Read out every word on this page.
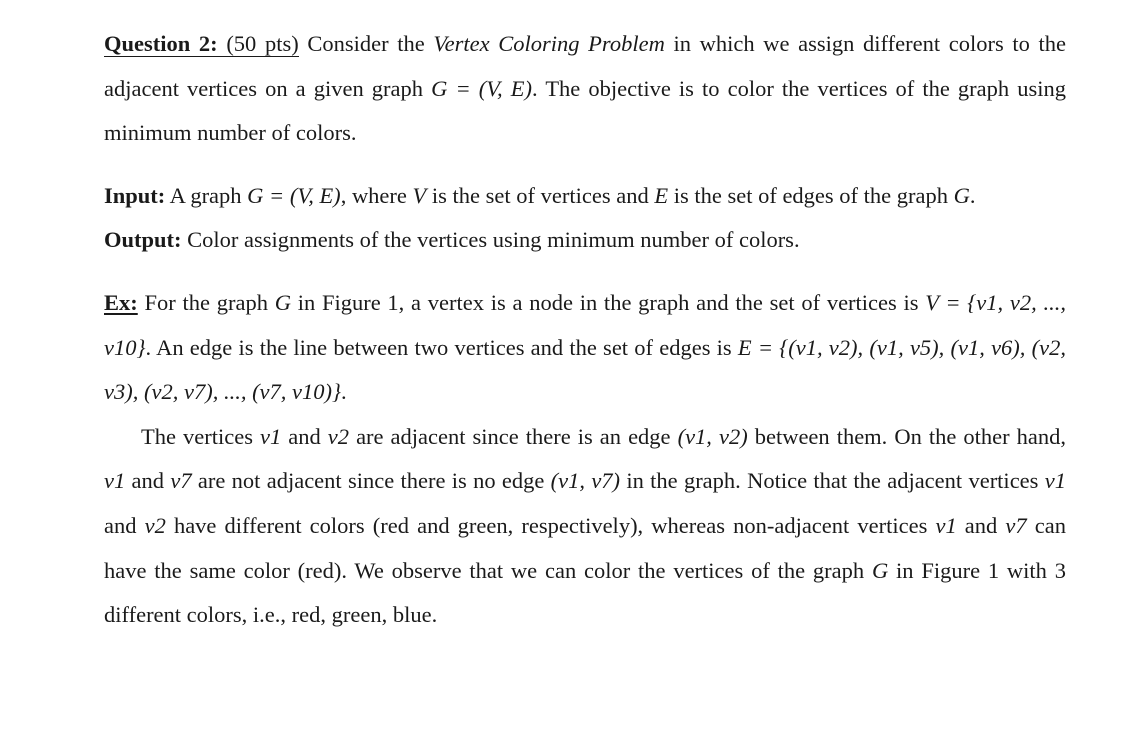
Question 2: (50 pts) Consider the Vertex Coloring Problem in which we assign different colors to the adjacent vertices on a given graph G = (V, E). The objective is to color the vertices of the graph using minimum number of colors.

Input: A graph G = (V, E), where V is the set of vertices and E is the set of edges of the graph G.

Output: Color assignments of the vertices using minimum number of colors.

Ex: For the graph G in Figure 1, a vertex is a node in the graph and the set of vertices is V = {v1, v2, ..., v10}. An edge is the line between two vertices and the set of edges is E = {(v1, v2), (v1, v5), (v1, v6), (v2, v3), (v2, v7), ..., (v7, v10)}.

The vertices v1 and v2 are adjacent since there is an edge (v1, v2) between them. On the other hand, v1 and v7 are not adjacent since there is no edge (v1, v7) in the graph. Notice that the adjacent vertices v1 and v2 have different colors (red and green, respectively), whereas non-adjacent vertices v1 and v7 can have the same color (red). We observe that we can color the vertices of the graph G in Figure 1 with 3 different colors, i.e., red, green, blue.
